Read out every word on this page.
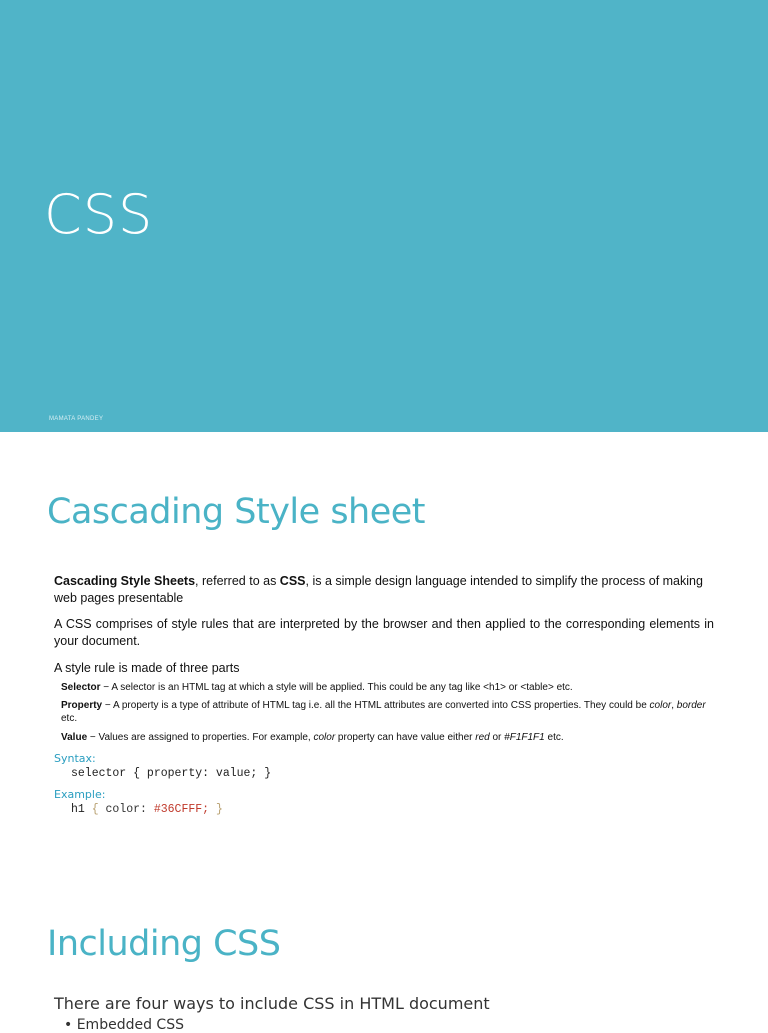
CSS
MAMATA PANDEY
Cascading Style sheet
Cascading Style Sheets, referred to as CSS, is a simple design language intended to simplify the process of making web pages presentable
A CSS comprises of style rules that are interpreted by the browser and then applied to the corresponding elements in your document.
A style rule is made of three parts
Selector − A selector is an HTML tag at which a style will be applied. This could be any tag like <h1> or <table> etc.
Property − A property is a type of attribute of HTML tag i.e. all the HTML attributes are converted into CSS properties. They could be color, border etc.
Value − Values are assigned to properties. For example, color property can have value either red or #F1F1F1 etc.
Syntax:
selector { property: value; }
Example:
h1 { color: #36CFFF; }
Including CSS
There are four ways to include CSS in HTML document
• Embedded CSS
